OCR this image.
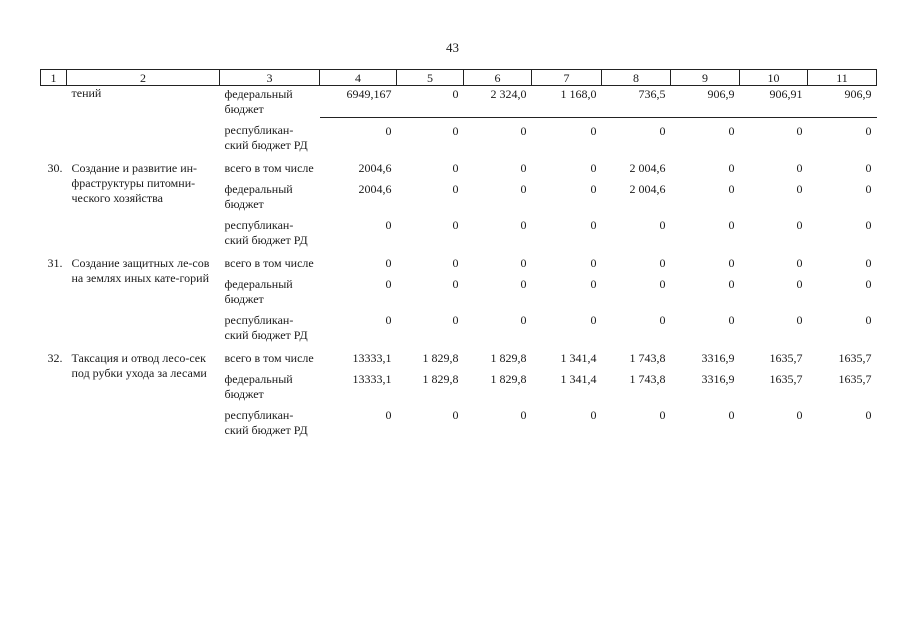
43
1	2	3	4	5	6	7	8	9	10	11
	тений	федеральный бюджет	6949,167	0	2 324,0	1 168,0	736,5	906,9	906,91	906,9
		республикан-ский бюджет РД	0	0	0	0	0	0	0	0
30.	Создание и развитие ин-фраструктуры питомни-ческого хозяйства	всего в том числе	2004,6	0	0	0	2 004,6	0	0	0
		федеральный бюджет	2004,6	0	0	0	2 004,6	0	0	0
		республикан-ский бюджет РД	0	0	0	0	0	0	0	0
31.	Создание защитных ле-сов на землях иных кате-горий	всего в том числе	0	0	0	0	0	0	0	0
		федеральный бюджет	0	0	0	0	0	0	0	0
		республикан-ский бюджет РД	0	0	0	0	0	0	0	0
32.	Таксация и отвод лесо-сек под рубки ухода за лесами	всего в том числе	13333,1	1 829,8	1 829,8	1 341,4	1 743,8	3316,9	1635,7	1635,7
		федеральный бюджет	13333,1	1 829,8	1 829,8	1 341,4	1 743,8	3316,9	1635,7	1635,7
		республикан-ский бюджет РД	0	0	0	0	0	0	0	0
